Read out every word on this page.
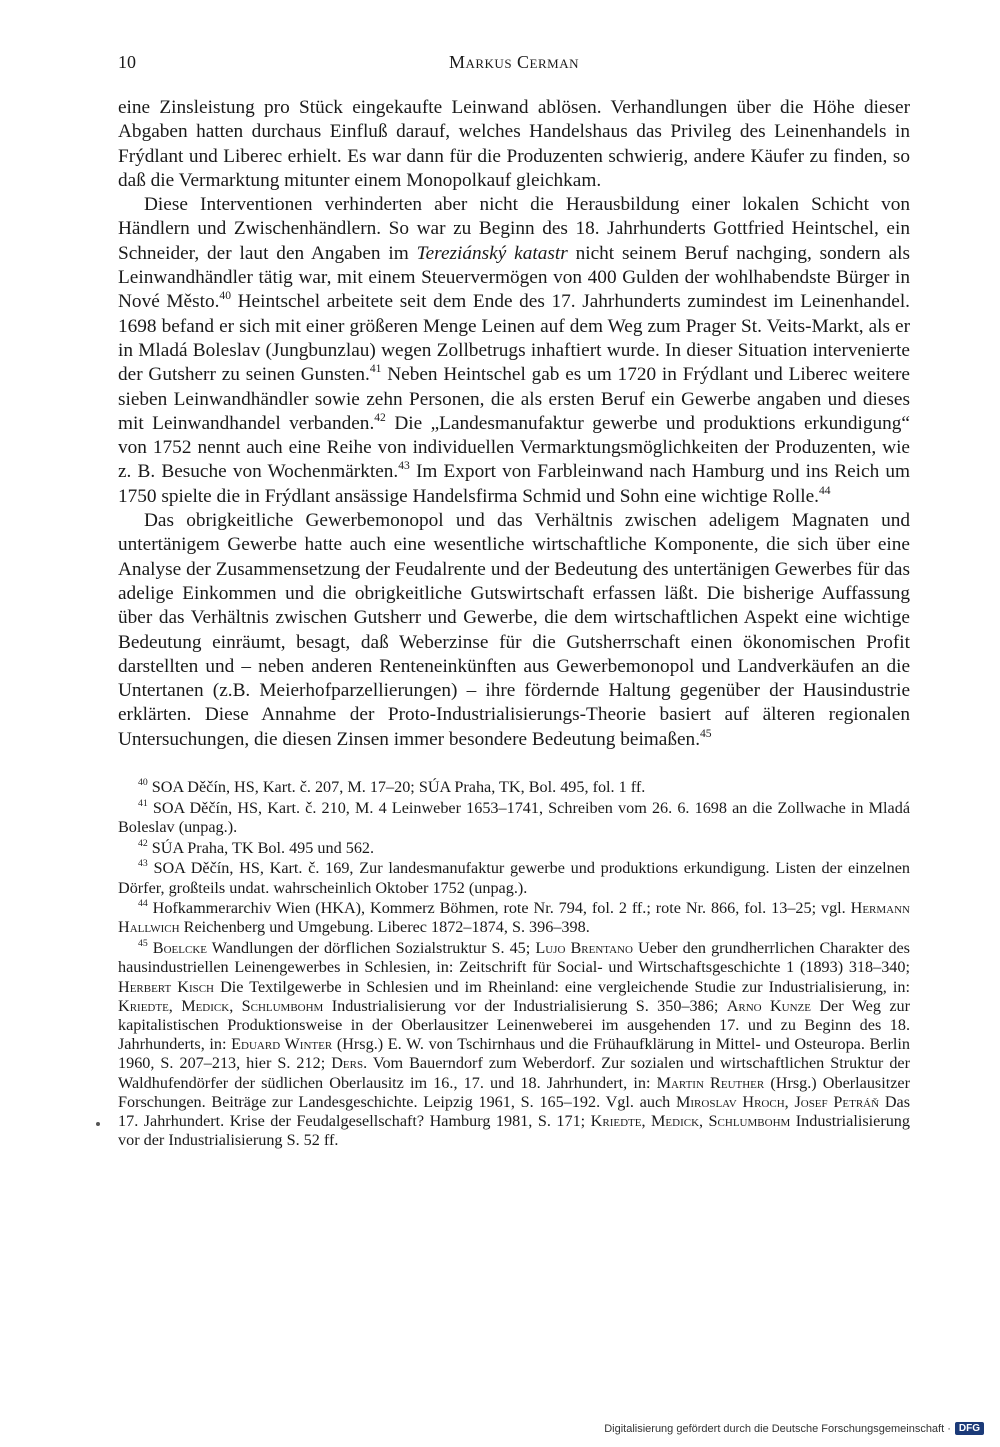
10	Markus Cerman

eine Zinsleistung pro Stück eingekaufte Leinwand ablösen. Verhandlungen über die Höhe dieser Abgaben hatten durchaus Einfluß darauf, welches Handelshaus das Privileg des Leinenhandels in Frýdlant und Liberec erhielt. Es war dann für die Produzenten schwierig, andere Käufer zu finden, so daß die Vermarktung mitunter einem Monopolkauf gleichkam.

Diese Interventionen verhinderten aber nicht die Herausbildung einer lokalen Schicht von Händlern und Zwischenhändlern. So war zu Beginn des 18. Jahrhunderts Gottfried Heintschel, ein Schneider, der laut den Angaben im Tereziánský katastr nicht seinem Beruf nachging, sondern als Leinwandhändler tätig war, mit einem Steuervermögen von 400 Gulden der wohlhabendste Bürger in Nové Město.$^{40}$ Heintschel arbeitete seit dem Ende des 17. Jahrhunderts zumindest im Leinenhandel. 1698 befand er sich mit einer größeren Menge Leinen auf dem Weg zum Prager St. Veits-Markt, als er in Mladá Boleslav (Jungbunzlau) wegen Zollbetrugs inhaftiert wurde. In dieser Situation intervenierte der Gutsherr zu seinen Gunsten.$^{41}$ Neben Heintschel gab es um 1720 in Frýdlant und Liberec weitere sieben Leinwandhändler sowie zehn Personen, die als ersten Beruf ein Gewerbe angaben und dieses mit Leinwandhandel verbanden.$^{42}$ Die „Landesmanufaktur gewerbe und produktions erkundigung“ von 1752 nennt auch eine Reihe von individuellen Vermarktungsmöglichkeiten der Produzenten, wie z. B. Besuche von Wochenmärkten.$^{43}$ Im Export von Farbleinwand nach Hamburg und ins Reich um 1750 spielte die in Frýdlant ansässige Handelsfirma Schmid und Sohn eine wichtige Rolle.$^{44}$

Das obrigkeitliche Gewerbemonopol und das Verhältnis zwischen adeligem Magnaten und untertänigem Gewerbe hatte auch eine wesentliche wirtschaftliche Komponente, die sich über eine Analyse der Zusammensetzung der Feudalrente und der Bedeutung des untertänigen Gewerbes für das adelige Einkommen und die obrigkeitliche Gutswirtschaft erfassen läßt. Die bisherige Auffassung über das Verhältnis zwischen Gutsherr und Gewerbe, die dem wirtschaftlichen Aspekt eine wichtige Bedeutung einräumt, besagt, daß Weberzinse für die Gutsherrschaft einen ökonomischen Profit darstellten und – neben anderen Renteneinkünften aus Gewerbemonopol und Landverkäufen an die Untertanen (z.B. Meierhofparzellierungen) – ihre fördernde Haltung gegenüber der Hausindustrie erklärten. Diese Annahme der Proto-Industrialisierungs-Theorie basiert auf älteren regionalen Untersuchungen, die diesen Zinsen immer besondere Bedeutung beimaßen.$^{45}$

$^{40}$ SOA Děčín, HS, Kart. č. 207, M. 17–20; SÚA Praha, TK, Bol. 495, fol. 1 ff.

$^{41}$ SOA Děčín, HS, Kart. č. 210, M. 4 Leinweber 1653–1741, Schreiben vom 26. 6. 1698 an die Zollwache in Mladá Boleslav (unpag.).

$^{42}$ SÚA Praha, TK Bol. 495 und 562.

$^{43}$ SOA Děčín, HS, Kart. č. 169, Zur landesmanufaktur gewerbe und produktions erkundigung. Listen der einzelnen Dörfer, großteils undat. wahrscheinlich Oktober 1752 (unpag.).

$^{44}$ Hofkammerarchiv Wien (HKA), Kommerz Böhmen, rote Nr. 794, fol. 2 ff.; rote Nr. 866, fol. 13–25; vgl. Hermann Hallwich Reichenberg und Umgebung. Liberec 1872–1874, S. 396–398.

$^{45}$ Boelcke Wandlungen der dörflichen Sozialstruktur S. 45; Lujo Brentano Ueber den grundherrlichen Charakter des hausindustriellen Leinengewerbes in Schlesien, in: Zeitschrift für Social- und Wirtschaftsgeschichte 1 (1893) 318–340; Herbert Kisch Die Textilgewerbe in Schlesien und im Rheinland: eine vergleichende Studie zur Industrialisierung, in: Kriedte, Medick, Schlumbohm Industrialisierung vor der Industrialisierung S. 350–386; Arno Kunze Der Weg zur kapitalistischen Produktionsweise in der Oberlausitzer Leinenweberei im ausgehenden 17. und zu Beginn des 18. Jahrhunderts, in: Eduard Winter (Hrsg.) E. W. von Tschirnhaus und die Frühaufklärung in Mittel- und Osteuropa. Berlin 1960, S. 207–213, hier S. 212; Ders. Vom Bauerndorf zum Weberdorf. Zur sozialen und wirtschaftlichen Struktur der Waldhufendörfer der südlichen Oberlausitz im 16., 17. und 18. Jahrhundert, in: Martin Reuther (Hrsg.) Oberlausitzer Forschungen. Beiträge zur Landesgeschichte. Leipzig 1961, S. 165–192. Vgl. auch Miroslav Hroch, Josef Petráň Das 17. Jahrhundert. Krise der Feudalgesellschaft? Hamburg 1981, S. 171; Kriedte, Medick, Schlumbohm Industrialisierung vor der Industrialisierung S. 52 ff.

Digitalisierung gefördert durch die Deutsche Forschungsgemeinschaft · DFG
